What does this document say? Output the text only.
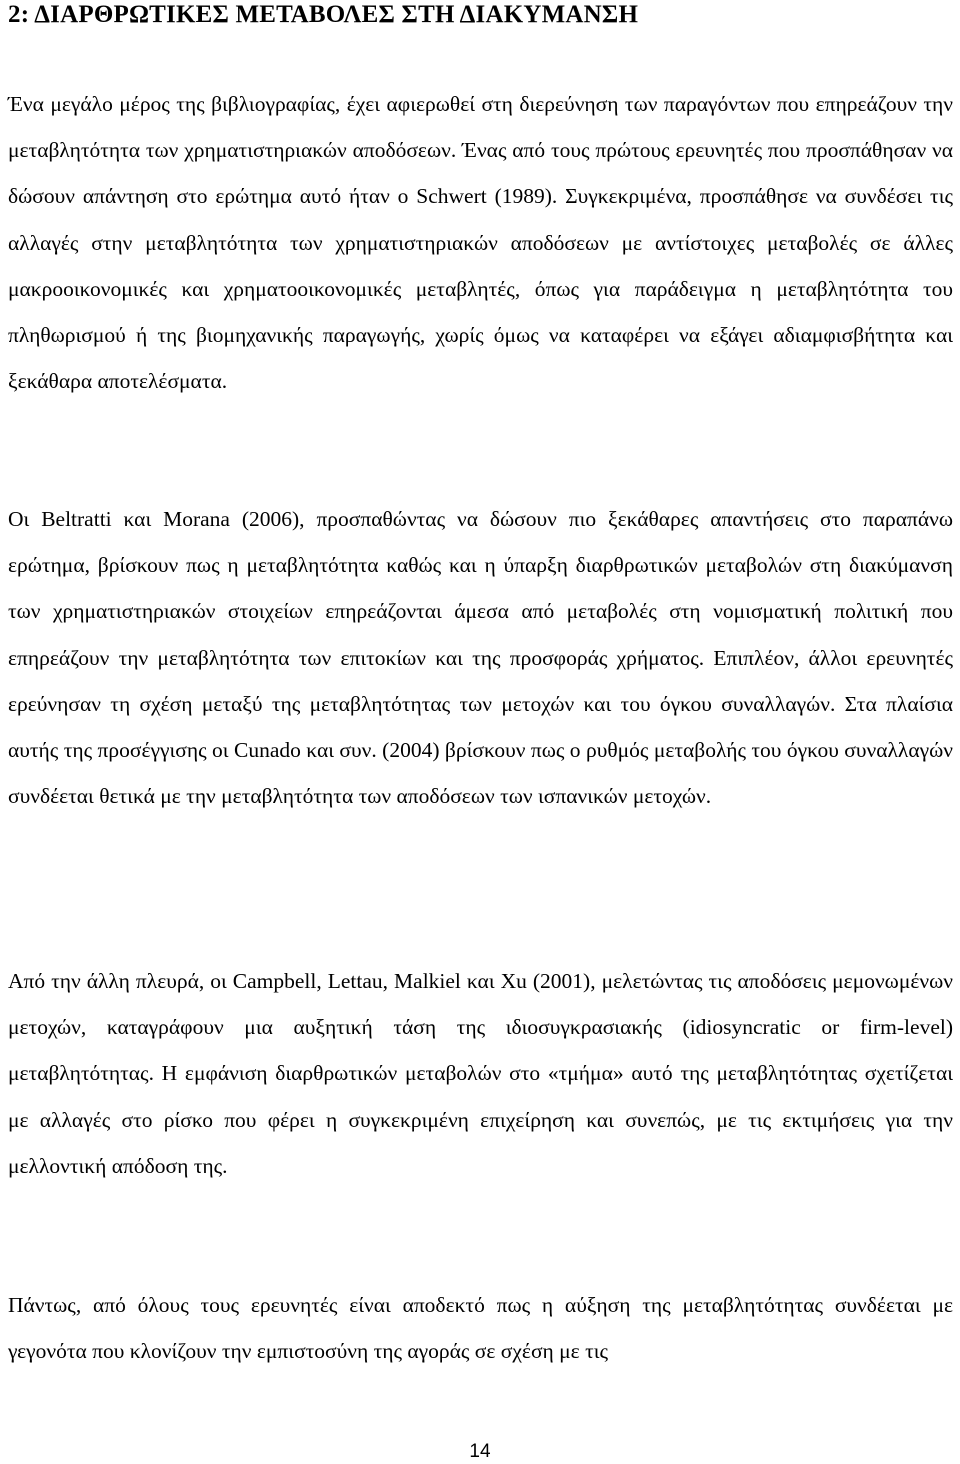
2: ΔΙΑΡΘΡΩΤΙΚΕΣ ΜΕΤΑΒΟΛΕΣ ΣΤΗ ΔΙΑΚΥΜΑΝΣΗ

Ένα μεγάλο μέρος της βιβλιογραφίας, έχει αφιερωθεί στη διερεύνηση των παραγόντων που επηρεάζουν την μεταβλητότητα των χρηματιστηριακών αποδόσεων. Ένας από τους πρώτους ερευνητές που προσπάθησαν να δώσουν απάντηση στο ερώτημα αυτό ήταν ο Schwert (1989). Συγκεκριμένα, προσπάθησε να συνδέσει τις αλλαγές στην μεταβλητότητα των χρηματιστηριακών αποδόσεων με αντίστοιχες μεταβολές σε άλλες μακροοικονομικές και χρηματοοικονομικές μεταβλητές, όπως για παράδειγμα η μεταβλητότητα του πληθωρισμού ή της βιομηχανικής παραγωγής, χωρίς όμως να καταφέρει να εξάγει αδιαμφισβήτητα και ξεκάθαρα αποτελέσματα.

Οι Beltratti και Morana (2006), προσπαθώντας να δώσουν πιο ξεκάθαρες απαντήσεις στο παραπάνω ερώτημα, βρίσκουν πως η μεταβλητότητα καθώς και η ύπαρξη διαρθρωτικών μεταβολών στη διακύμανση των χρηματιστηριακών στοιχείων επηρεάζονται άμεσα από μεταβολές στη νομισματική πολιτική που επηρεάζουν την μεταβλητότητα των επιτοκίων και της προσφοράς χρήματος. Επιπλέον, άλλοι ερευνητές ερεύνησαν τη σχέση μεταξύ της μεταβλητότητας των μετοχών και του όγκου συναλλαγών. Στα πλαίσια αυτής της προσέγγισης οι Cunado και συν. (2004) βρίσκουν πως ο ρυθμός μεταβολής του όγκου συναλλαγών συνδέεται θετικά με την μεταβλητότητα των αποδόσεων των ισπανικών μετοχών.

Από την άλλη πλευρά, οι Campbell, Lettau, Malkiel και Xu (2001), μελετώντας τις αποδόσεις μεμονωμένων μετοχών, καταγράφουν μια αυξητική τάση της ιδιοσυγκρασιακής (idiosyncratic or firm-level) μεταβλητότητας. Η εμφάνιση διαρθρωτικών μεταβολών στο «τμήμα» αυτό της μεταβλητότητας σχετίζεται με αλλαγές στο ρίσκο που φέρει η συγκεκριμένη επιχείρηση και συνεπώς, με τις εκτιμήσεις για την μελλοντική απόδοση της.

Πάντως, από όλους τους ερευνητές είναι αποδεκτό πως η αύξηση της μεταβλητότητας συνδέεται με γεγονότα που κλονίζουν την εμπιστοσύνη της αγοράς σε σχέση με τις

14
